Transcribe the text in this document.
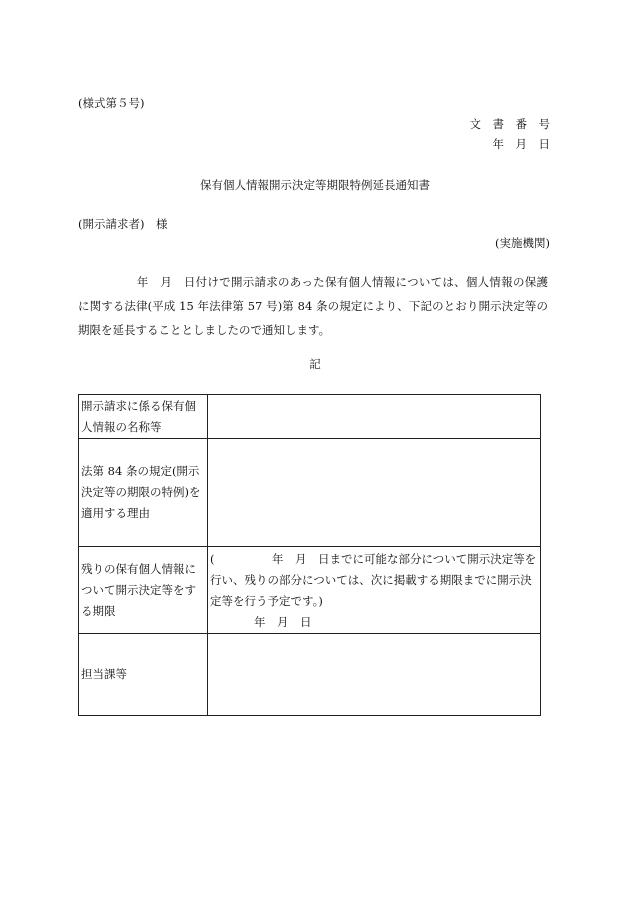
(様式第５号)
文　書　番　号
年　月　日
保有個人情報開示決定等期限特例延長通知書
(開示請求者)　様
(実施機関)
　　　　　年　月　日付けで開示請求のあった保有個人情報については、個人情報の保護に関する法律(平成 15 年法律第 57 号)第 84 条の規定により、下記のとおり開示決定等の期限を延長することとしましたので通知します。
記
開示請求に係る保有個人情報の名称等	
法第 84 条の規定(開示決定等の期限の特例)を適用する理由	
残りの保有個人情報について開示決定等をする期限	(　　　　　年　月　日までに可能な部分について開示決定等を行い、残りの部分については、次に掲載する期限までに開示決定等を行う予定です。)
年　月　日

担当課等	
